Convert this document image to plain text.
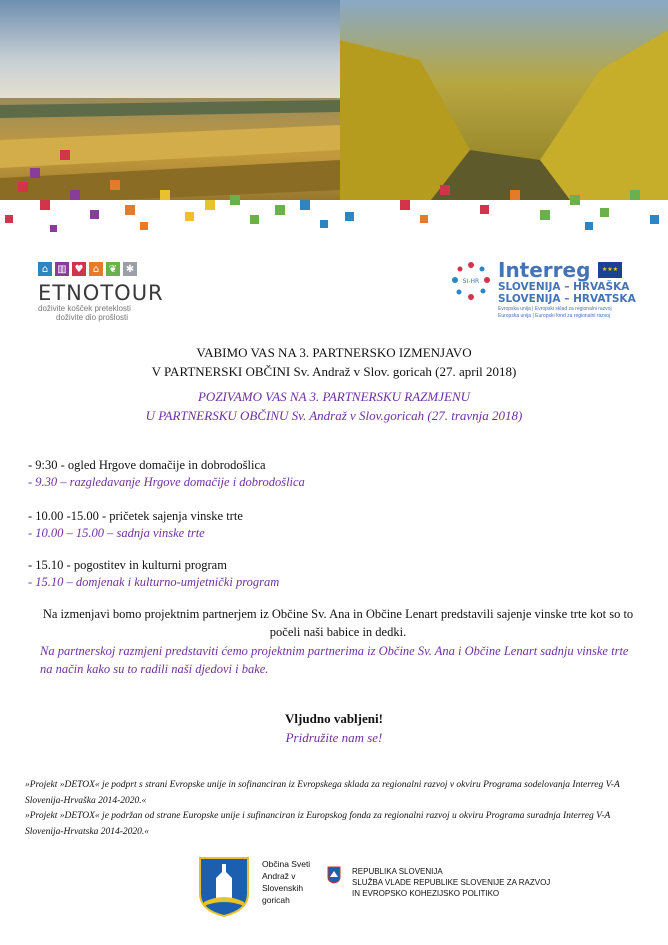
⌂ ▥ ♥ ⌂ ❦ ✱
ETNOTOUR
doživite košček preteklosti
doživite dio prošlosti
SI-HR Interreg	★★★
SLOVENIJA – HRVAŠKA
SLOVENIJA – HRVATSKA
Evropska unija | Evropski sklad za regionalni razvoj
Europska unija | Europski fond za regionalni razvoj
VABIMO VAS NA 3. PARTNERSKO IZMENJAVO
V PARTNERSKI OBČINI Sv. Andraž v Slov. goricah (27. april 2018)
POZIVAMO VAS NA 3. PARTNERSKU RAZMJENU
U PARTNERSKU OBČINU Sv. Andraž v Slov.goricah (27. travnja 2018)
- 9:30 - ogled Hrgove domačije in dobrodošlica
- 9.30 – razgledavanje Hrgove domačije i dobrodošlica
- 10.00 -15.00 - pričetek sajenja vinske trte
- 10.00 – 15.00 – sadnja vinske trte
- 15.10 - pogostitev in kulturni program
- 15.10 – domjenak i kulturno-umjetnički program
Na izmenjavi bomo projektnim partnerjem iz Občine Sv. Ana in Občine Lenart predstavili sajenje vinske trte kot so to počeli naši babice in dedki.
Na partnerskoj razmjeni predstaviti ćemo projektnim partnerima iz Občine Sv. Ana i Občine Lenart sadnju vinske trte na način kako su to radili naši djedovi i bake.
Vljudno vabljeni!
Pridružite nam se!
»Projekt »DETOX« je podprt s strani Evropske unije in sofinanciran iz Evropskega sklada za regionalni razvoj v okviru Programa sodelovanja Interreg V-A Slovenija-Hrvaška 2014-2020.«
»Projekt »DETOX« je podržan od strane Europske unije i sufinanciran iz Europskog fonda za regionalni razvoj u okviru Programa suradnja Interreg V-A Slovenija-Hrvatska 2014-2020.«
Občina Sveti
Andraž v
Slovenskih
goricah
REPUBLIKA SLOVENIJA
SLUŽBA VLADE REPUBLIKE SLOVENIJE ZA RAZVOJ
IN EVROPSKO KOHEZIJSKO POLITIKO
